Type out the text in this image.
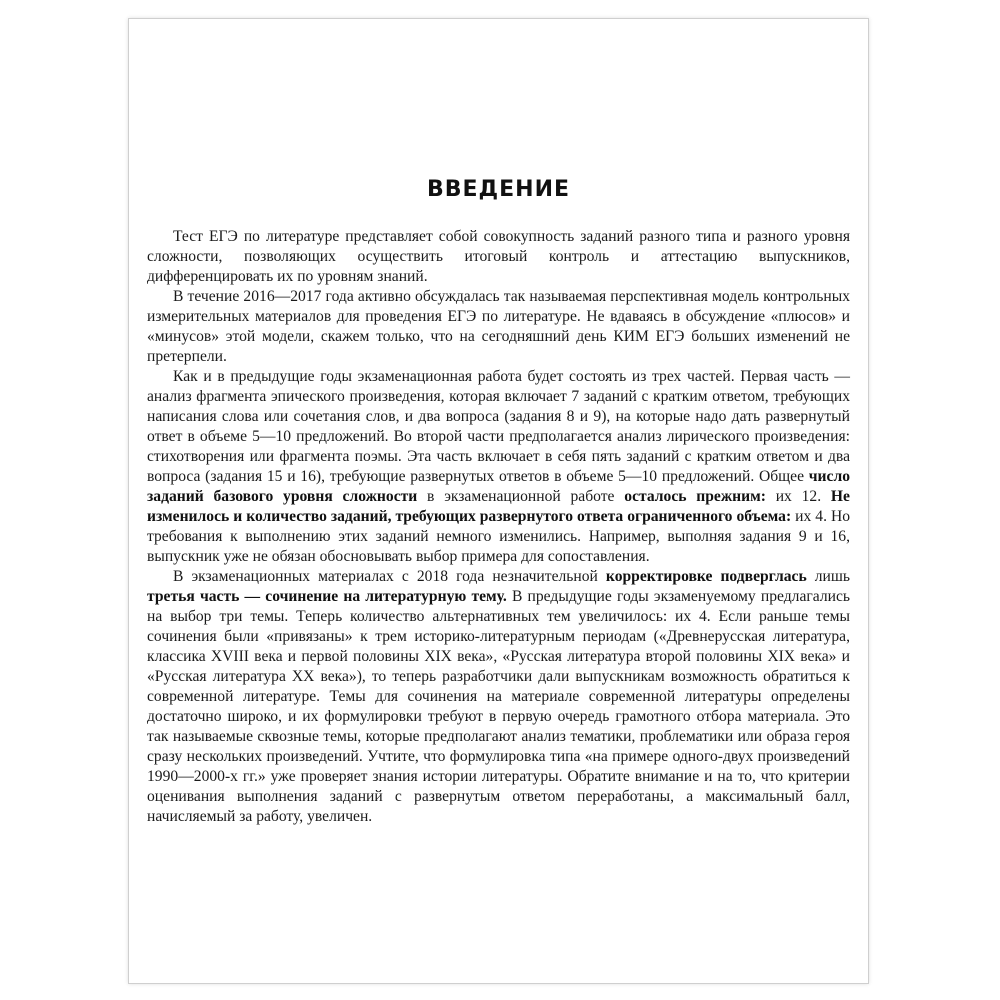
ВВЕДЕНИЕ

Тест ЕГЭ по литературе представляет собой совокупность заданий разного типа и разного уровня сложности, позволяющих осуществить итоговый контроль и аттестацию выпускников, дифференцировать их по уровням знаний.

В течение 2016—2017 года активно обсуждалась так называемая перспективная модель контрольных измерительных материалов для проведения ЕГЭ по литературе. Не вдаваясь в обсуждение «плюсов» и «минусов» этой модели, скажем только, что на сегодняшний день КИМ ЕГЭ больших изменений не претерпели.

Как и в предыдущие годы экзаменационная работа будет состоять из трех частей. Первая часть — анализ фрагмента эпического произведения, которая включает 7 заданий с кратким ответом, требующих написания слова или сочетания слов, и два вопроса (задания 8 и 9), на которые надо дать развернутый ответ в объеме 5—10 предложений. Во второй части предполагается анализ лирического произведения: стихотворения или фрагмента поэмы. Эта часть включает в себя пять заданий с кратким ответом и два вопроса (задания 15 и 16), требующие развернутых ответов в объеме 5—10 предложений. Общее число заданий базового уровня сложности в экзаменационной работе осталось прежним: их 12. Не изменилось и количество заданий, требующих развернутого ответа ограниченного объема: их 4. Но требования к выполнению этих заданий немного изменились. Например, выполняя задания 9 и 16, выпускник уже не обязан обосновывать выбор примера для сопоставления.

В экзаменационных материалах с 2018 года незначительной корректировке подверглась лишь третья часть — сочинение на литературную тему. В предыдущие годы экзаменуемому предлагались на выбор три темы. Теперь количество альтернативных тем увеличилось: их 4. Если раньше темы сочинения были «привязаны» к трем историко-литературным периодам («Древнерусская литература, классика XVIII века и первой половины XIX века», «Русская литература второй половины XIX века» и «Русская литература XX века»), то теперь разработчики дали выпускникам возможность обратиться к современной литературе. Темы для сочинения на материале современной литературы определены достаточно широко, и их формулировки требуют в первую очередь грамотного отбора материала. Это так называемые сквозные темы, которые предполагают анализ тематики, проблематики или образа героя сразу нескольких произведений. Учтите, что формулировка типа «на примере одного-двух произведений 1990—2000-х гг.» уже проверяет знания истории литературы. Обратите внимание и на то, что критерии оценивания выполнения заданий с развернутым ответом переработаны, а максимальный балл, начисляемый за работу, увеличен.
